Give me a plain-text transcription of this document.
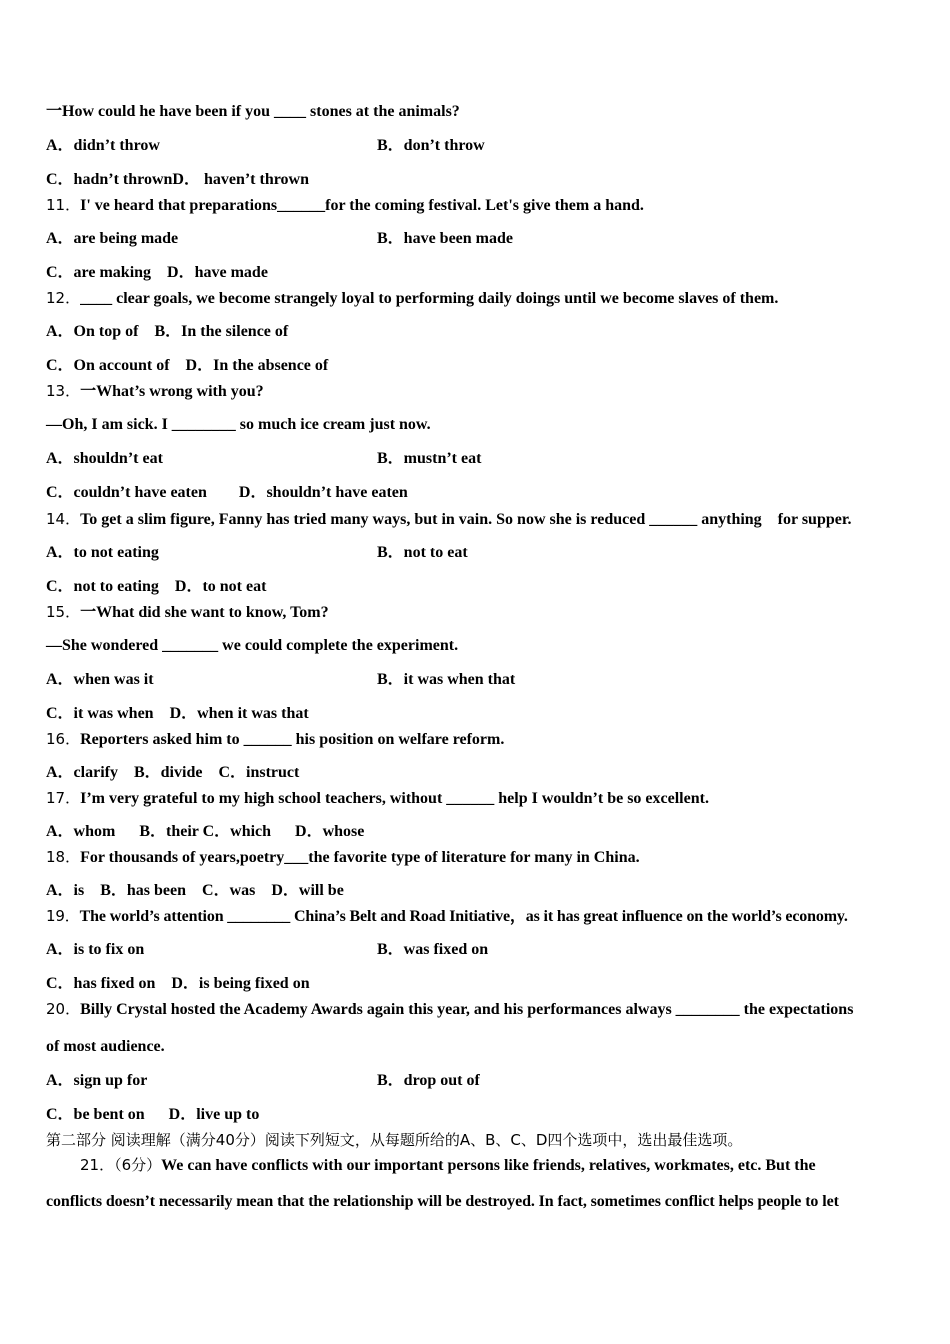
一How could he have been if you ____ stones at the animals?
A．didn’t throw	B．don’t throw
C．hadn’t thrownD． haven’t thrown
11．I' ve heard that preparations______for the coming festival. Let's give them a hand.
A．are being made	B．have been made
C．are making    D．have made
12．____ clear goals, we become strangely loyal to performing daily doings until we become slaves of them.
A．On top of    B．In the silence of
C．On account of    D．In the absence of
13．一What’s wrong with you?
—Oh, I am sick. I ________ so much ice cream just now.
A．shouldn’t eat	B．mustn’t eat
C．couldn’t have eaten        D．shouldn’t have eaten
14．To get a slim figure, Fanny has tried many ways, but in vain. So now she is reduced ______ anything    for supper.
A．to not eating	B．not to eat
C．not to eating    D．to not eat
15．一What did she want to know, Tom?
—She wondered _______ we could complete the experiment.
A．when was it	B．it was when that
C．it was when    D．when it was that
16．Reporters asked him to ______ his position on welfare reform.
A．clarify    B．divide    C．instruct
17．I’m very grateful to my high school teachers, without ______ help I wouldn’t be so excellent.
A．whom      B．their C．which      D．whose
18．For thousands of years,poetry___the favorite type of literature for many in China.
A．is    B．has been    C．was    D．will be
19．The world’s attention ________ China’s Belt and Road Initiative，as it has great influence on the world’s economy.
A．is to fix on	B．was fixed on
C．has fixed on    D．is being fixed on
20．Billy Crystal hosted the Academy Awards again this year, and his performances always ________ the expectations
of most audience.
A．sign up for	B．drop out of
C．be bent on      D．live up to
第二部分 阅读理解（满分40分）阅读下列短文，从每题所给的A、B、C、D四个选项中，选出最佳选项。
21．（6分）We can have conflicts with our important persons like friends, relatives, workmates, etc. But the
conflicts doesn’t necessarily mean that the relationship will be destroyed. In fact, sometimes conflict helps people to let
